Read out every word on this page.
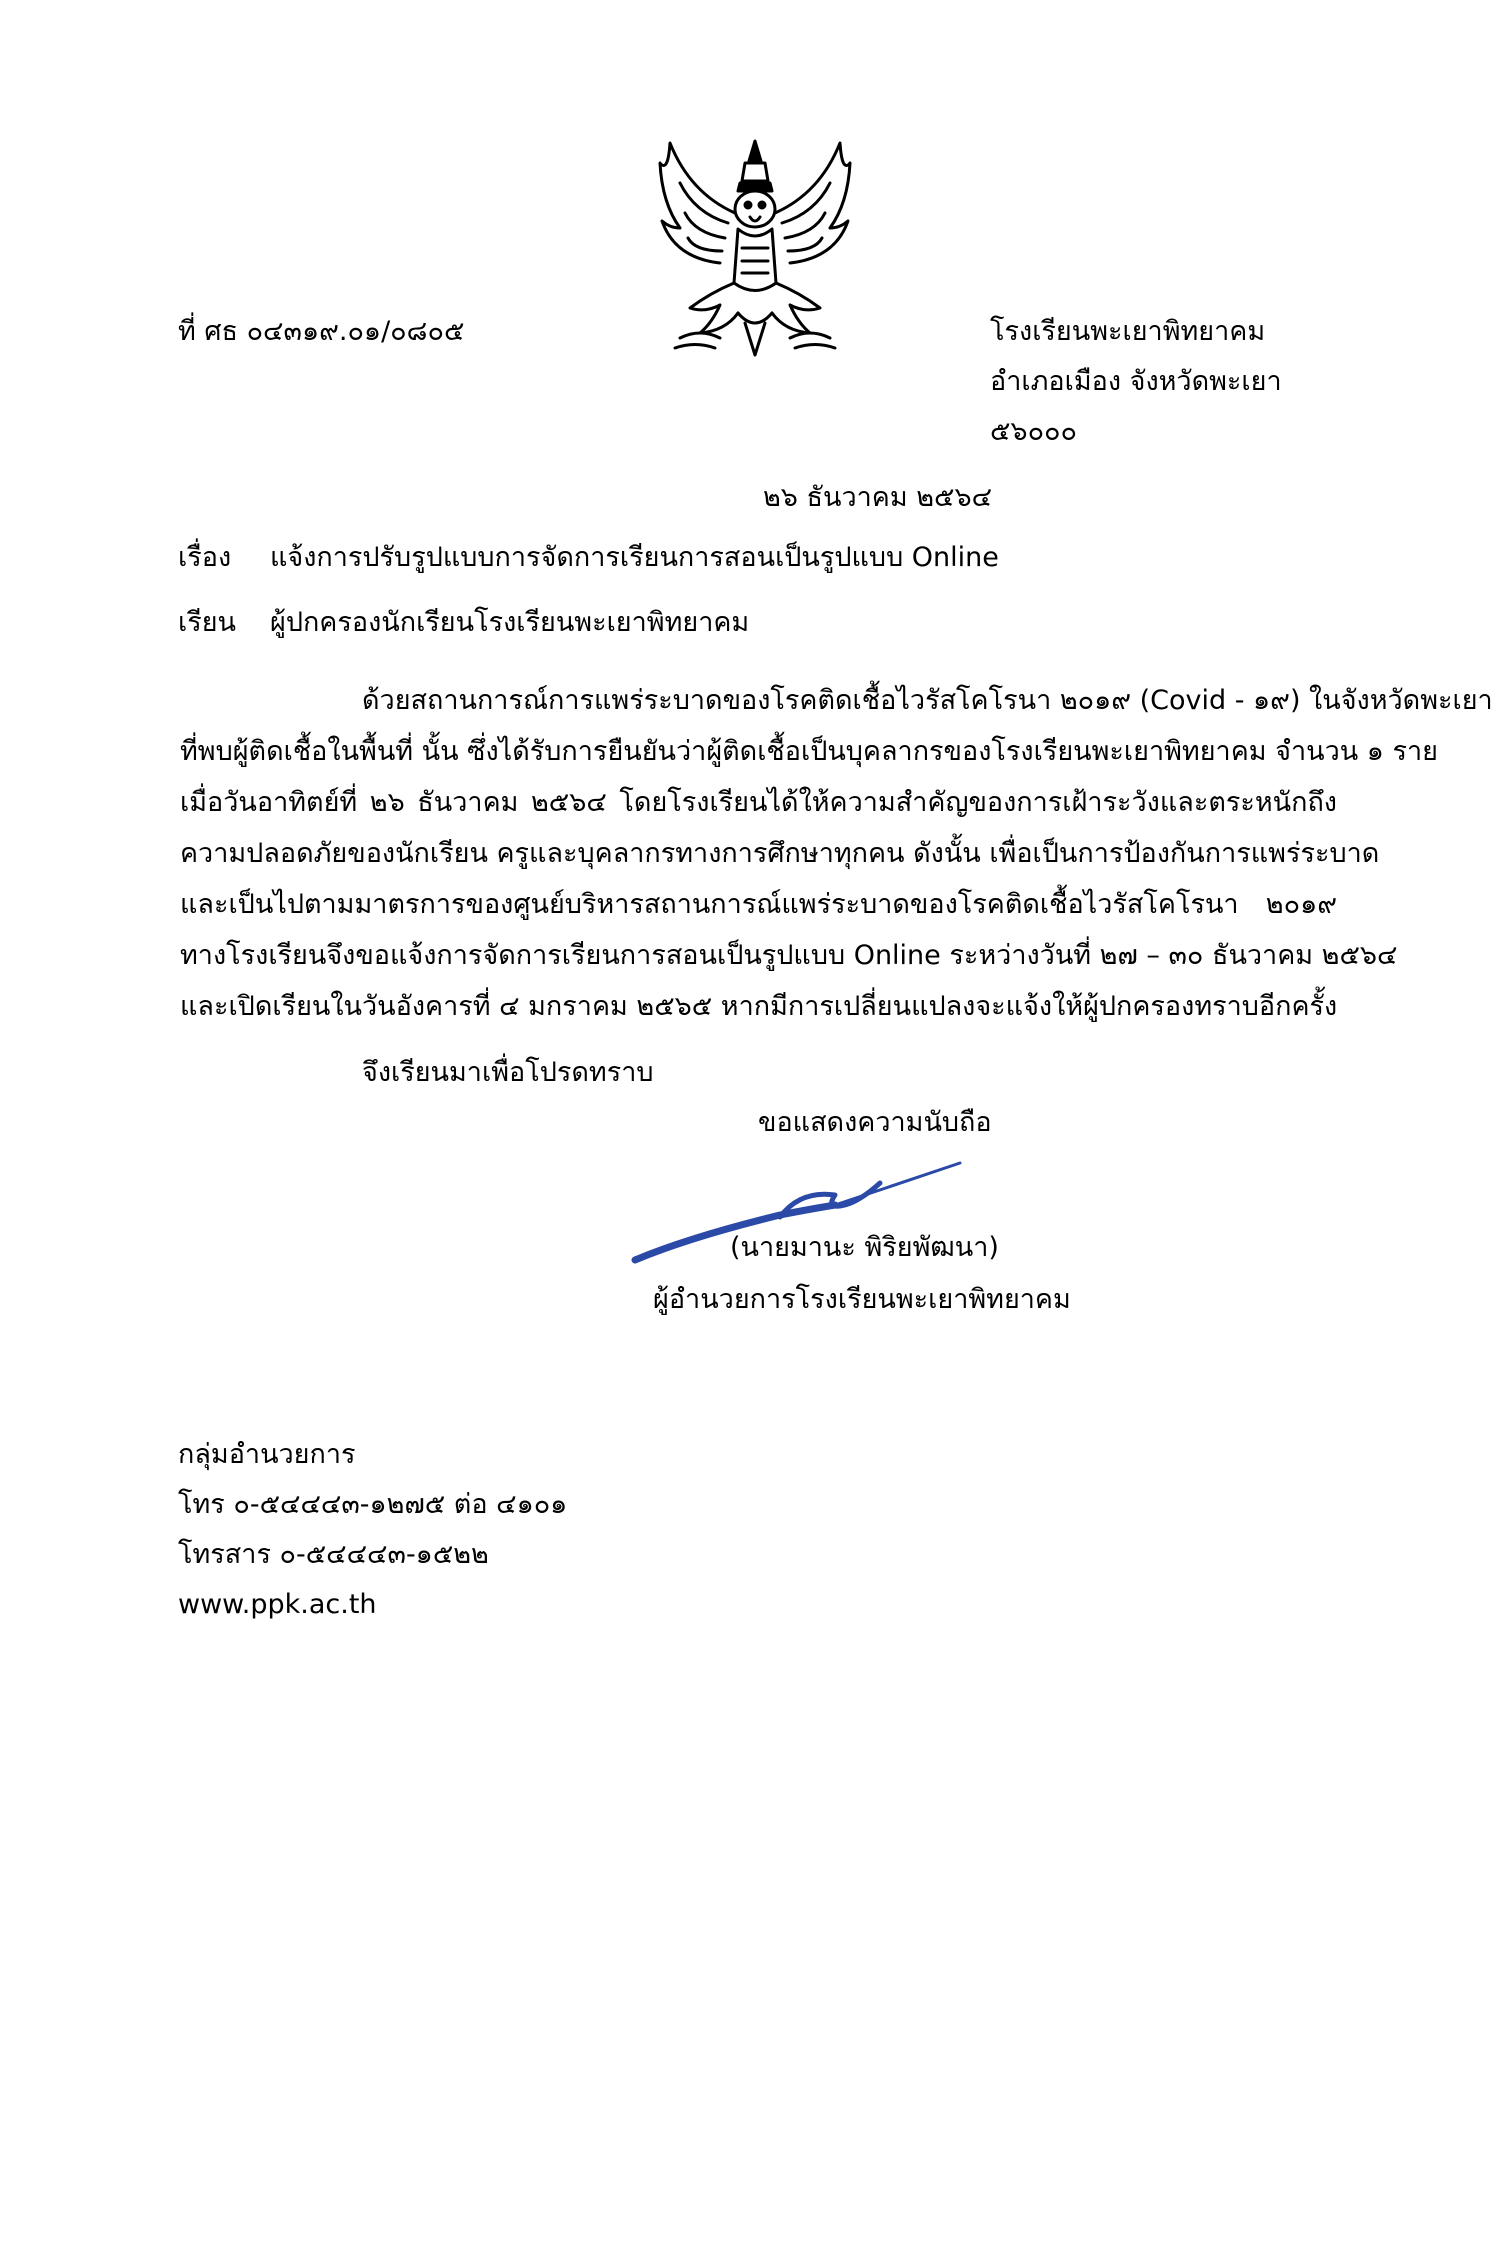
ที่ ศธ ๐๔๓๑๙.๐๑/๐๘๐๕	โรงเรียนพะเยาพิทยาคม
อำเภอเมือง จังหวัดพะเยา
๕๖๐๐๐
๒๖ ธันวาคม ๒๕๖๔
เรื่อง แจ้งการปรับรูปแบบการจัดการเรียนการสอนเป็นรูปแบบ Online
เรียน ผู้ปกครองนักเรียนโรงเรียนพะเยาพิทยาคม
ด้วยสถานการณ์การแพร่ระบาดของโรคติดเชื้อไวรัสโคโรนา ๒๐๑๙ (Covid - ๑๙) ในจังหวัดพะเยา
ที่พบผู้ติดเชื้อในพื้นที่ นั้น ซึ่งได้รับการยืนยันว่าผู้ติดเชื้อเป็นบุคลากรของโรงเรียนพะเยาพิทยาคม จำนวน ๑ ราย
เมื่อวันอาทิตย์ที่ ๒๖ ธันวาคม ๒๕๖๔ โดยโรงเรียนได้ให้ความสำคัญของการเฝ้าระวังและตระหนักถึง
ความปลอดภัยของนักเรียน ครูและบุคลากรทางการศึกษาทุกคน ดังนั้น เพื่อเป็นการป้องกันการแพร่ระบาด
และเป็นไปตามมาตรการของศูนย์บริหารสถานการณ์แพร่ระบาดของโรคติดเชื้อไวรัสโคโรนา ๒๐๑๙
ทางโรงเรียนจึงขอแจ้งการจัดการเรียนการสอนเป็นรูปแบบ Online ระหว่างวันที่ ๒๗ – ๓๐ ธันวาคม ๒๕๖๔
และเปิดเรียนในวันอังคารที่ ๔ มกราคม ๒๕๖๕ หากมีการเปลี่ยนแปลงจะแจ้งให้ผู้ปกครองทราบอีกครั้ง
จึงเรียนมาเพื่อโปรดทราบ
ขอแสดงความนับถือ
(นายมานะ พิริยพัฒนา)
ผู้อำนวยการโรงเรียนพะเยาพิทยาคม
กลุ่มอำนวยการ
โทร ๐-๕๔๔๔๓-๑๒๗๕ ต่อ ๔๑๐๑
โทรสาร ๐-๕๔๔๔๓-๑๕๒๒
www.ppk.ac.th
